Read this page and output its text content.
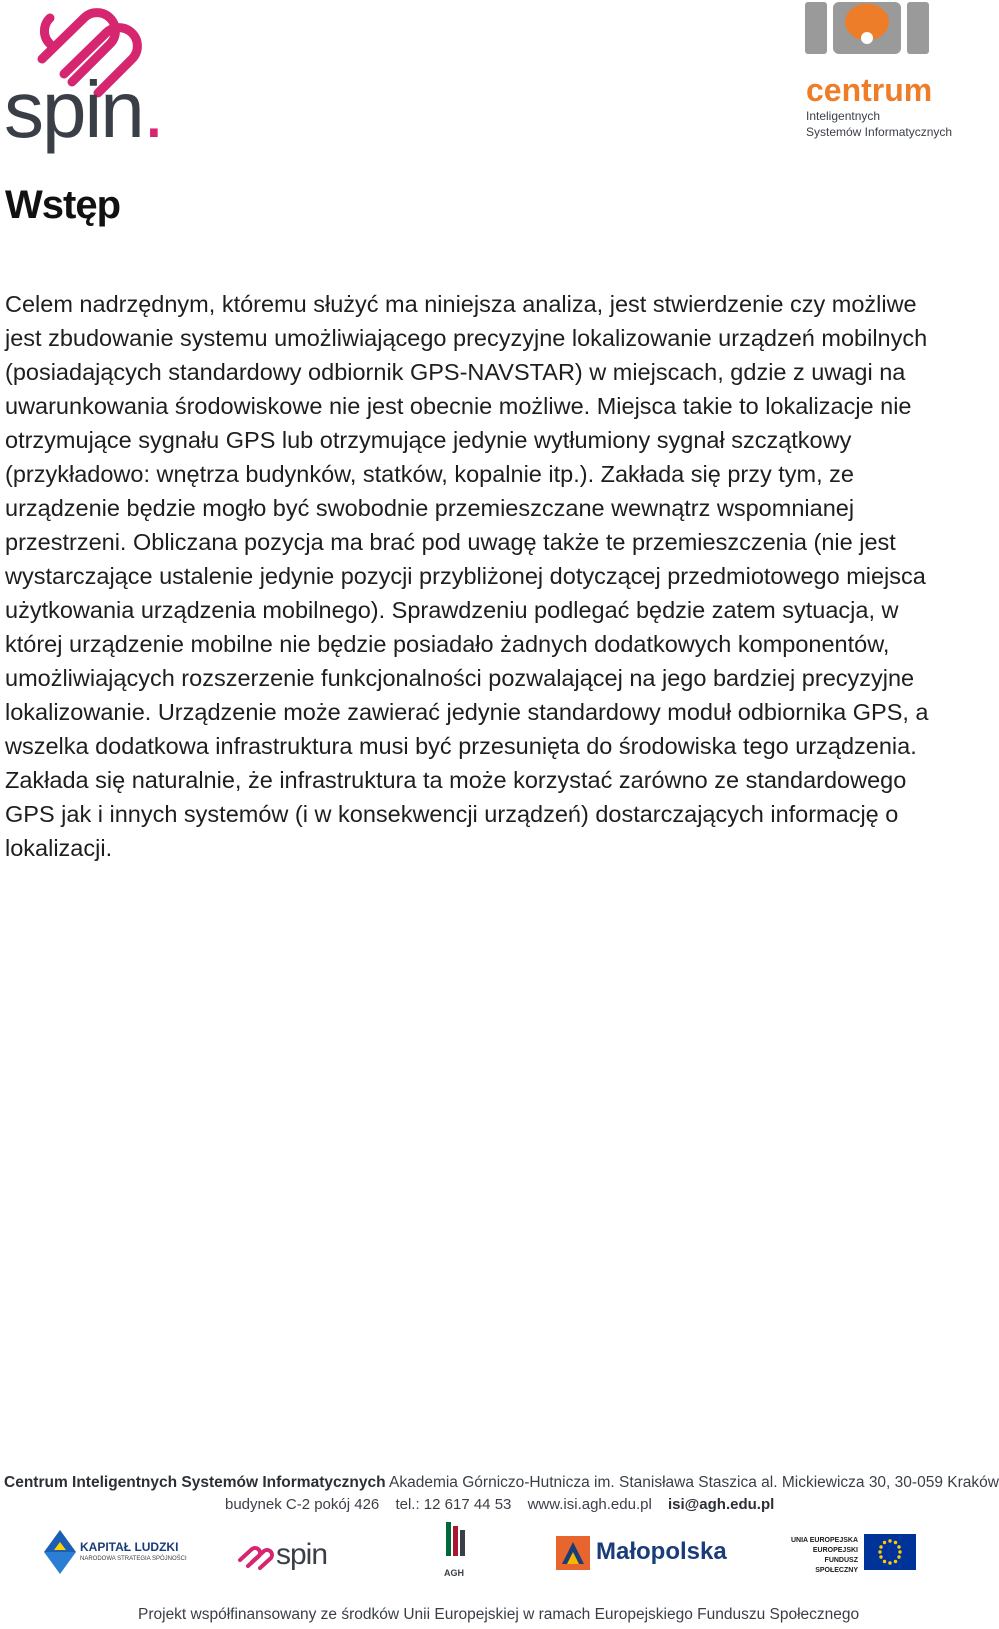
spin.	centrum
Inteligentnych
Systemów Informatycznych
Wstęp

Celem nadrzędnym, któremu służyć ma niniejsza analiza, jest stwierdzenie czy możliwe jest zbudowanie systemu umożliwiającego precyzyjne lokalizowanie urządzeń mobilnych (posiadających standardowy odbiornik GPS-NAVSTAR) w miejscach, gdzie z uwagi na uwarunkowania środowiskowe nie jest obecnie możliwe. Miejsca takie to lokalizacje nie otrzymujące sygnału GPS lub otrzymujące jedynie wytłumiony sygnał szczątkowy (przykładowo: wnętrza budynków, statków, kopalnie itp.). Zakłada się przy tym, ze urządzenie będzie mogło być swobodnie przemieszczane wewnątrz wspomnianej przestrzeni. Obliczana pozycja ma brać pod uwagę także te przemieszczenia (nie jest wystarczające ustalenie jedynie pozycji przybliżonej dotyczącej przedmiotowego miejsca użytkowania urządzenia mobilnego). Sprawdzeniu podlegać będzie zatem sytuacja, w której urządzenie mobilne nie będzie posiadało żadnych dodatkowych komponentów, umożliwiających rozszerzenie funkcjonalności pozwalającej na jego bardziej precyzyjne lokalizowanie. Urządzenie może zawierać jedynie standardowy moduł odbiornika GPS, a wszelka dodatkowa infrastruktura musi być przesunięta do środowiska tego urządzenia. Zakłada się naturalnie, że infrastruktura ta może korzystać zarówno ze standardowego GPS jak i innych systemów (i w konsekwencji urządzeń) dostarczających informację o lokalizacji.

Centrum Inteligentnych Systemów Informatycznych Akademia Górniczo-Hutnicza im. Stanisława Staszica al. Mickiewicza 30, 30-059 Kraków
budynek C-2 pokój 426 tel.: 12 617 44 53 www.isi.agh.edu.pl isi@agh.edu.pl
KAPITAŁ LUDZKI
NARODOWA STRATEGIA SPÓJNOŚCI	spin
AGH
Małopolska	UNIA EUROPEJSKA
EUROPEJSKI
FUNDUSZ SPOŁECZNY
Projekt współfinansowany ze środków Unii Europejskiej w ramach Europejskiego Funduszu Społecznego
